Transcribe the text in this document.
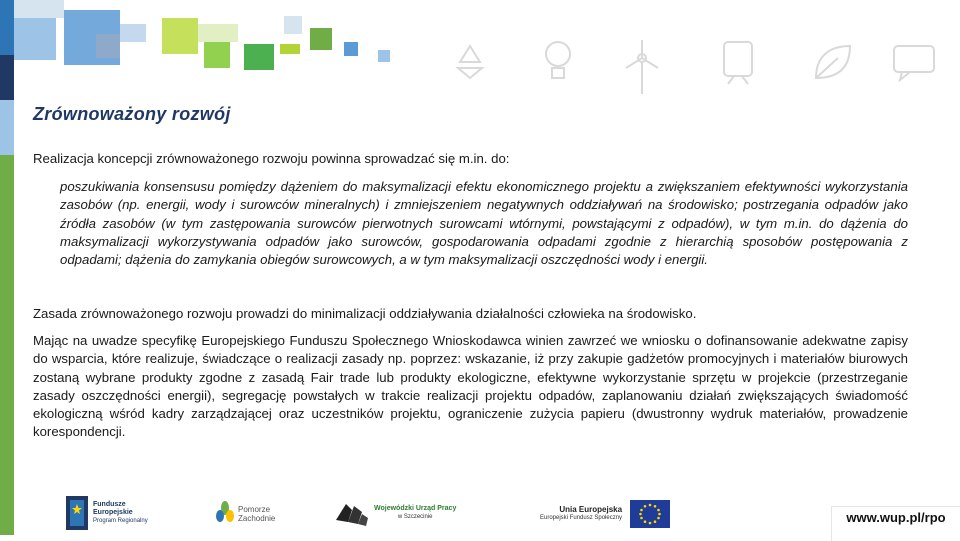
Zrównoważony rozwój
Realizacja koncepcji zrównoważonego rozwoju powinna sprowadzać się m.in. do:
poszukiwania konsensusu pomiędzy dążeniem do maksymalizacji efektu ekonomicznego projektu a zwiększaniem efektywności wykorzystania zasobów (np. energii, wody i surowców mineralnych) i zmniejszeniem negatywnych oddziaływań na środowisko; postrzegania odpadów jako źródła zasobów (w tym zastępowania surowców pierwotnych surowcami wtórnymi, powstającymi z odpadów), w tym m.in. do dążenia do maksymalizacji wykorzystywania odpadów jako surowców, gospodarowania odpadami zgodnie z hierarchią sposobów postępowania z odpadami; dążenia do zamykania obiegów surowcowych, a w tym maksymalizacji oszczędności wody i energii.
Zasada zrównoważonego rozwoju prowadzi do minimalizacji oddziaływania działalności człowieka na środowisko.
Mając na uwadze specyfikę Europejskiego Funduszu Społecznego Wnioskodawca winien zawrzeć we wniosku o dofinansowanie adekwatne zapisy do wsparcia, które realizuje, świadczące o realizacji zasady np. poprzez: wskazanie, iż przy zakupie gadżetów promocyjnych i materiałów biurowych zostaną wybrane produkty zgodne z zasadą Fair trade lub produkty ekologiczne, efektywne wykorzystanie sprzętu w projekcie (przestrzeganie zasady oszczędności energii), segregację powstałych w trakcie realizacji projektu odpadów, zaplanowaniu działań zwiększających świadomość ekologiczną wśród kadry zarządzającej oraz uczestników projektu, ograniczenie zużycia papieru (dwustronny wydruk materiałów, prowadzenie korespondencji.
Fundusze
Europejskie
Program Regionalny
Pomorze
Zachodnie
Wojewódzki Urząd Pracy
w Szczecinie
Unia Europejska
Europejski Fundusz Społeczny	www.wup.pl/rpo
